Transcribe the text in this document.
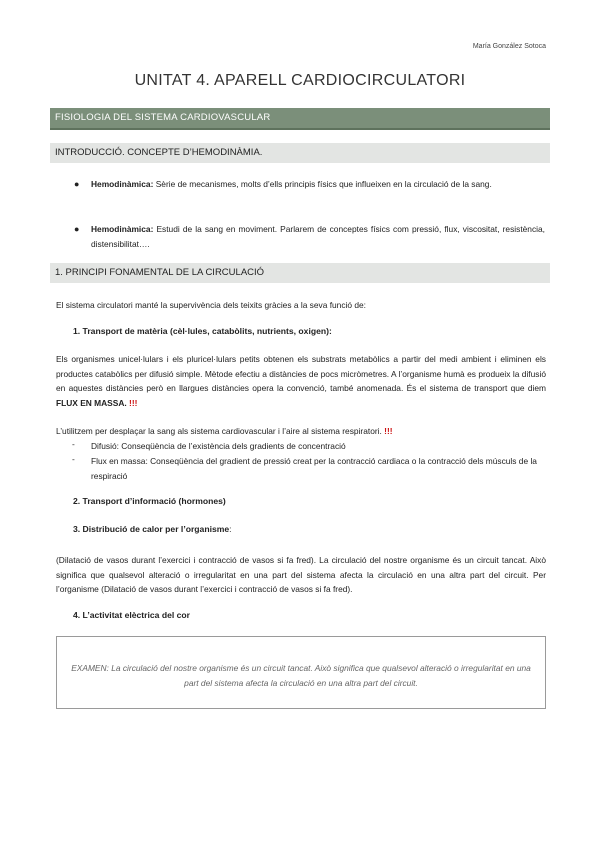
María González Sotoca
UNITAT 4. APARELL CARDIOCIRCULATORI
FISIOLOGIA DEL SISTEMA CARDIOVASCULAR
INTRODUCCIÓ. CONCEPTE D’HEMODINÀMIA.
● Hemodinàmica: Sèrie de mecanismes, molts d’ells principis físics que influeixen en la circulació de la sang.
● Hemodinàmica: Estudi de la sang en moviment. Parlarem de conceptes físics com pressió, flux, viscositat, resistència, distensibilitat….
1. PRINCIPI FONAMENTAL DE LA CIRCULACIÓ
El sistema circulatori manté la supervivència dels teixits gràcies a la seva funció de:
1. Transport de matèria (cèl·lules, catabòlits, nutrients, oxigen):
Els organismes unicel·lulars i els pluricel·lulars petits obtenen els substrats metabòlics a partir del medi ambient i eliminen els productes catabòlics per difusió simple. Mètode efectiu a distàncies de pocs micròmetres. A l’organisme humà es produeix la difusió en aquestes distàncies però en llargues distàncies opera la convenció, també anomenada. És el sistema de transport que diem FLUX EN MASSA. !!!
L’utilitzem per desplaçar la sang als sistema cardiovascular i l’aire al sistema respiratori. !!!
- Difusió: Conseqüència de l’existència dels gradients de concentració
- Flux en massa: Conseqüència del gradient de pressió creat per la contracció cardiaca o la contracció dels músculs de la respiració
2. Transport d’informació (hormones)
3. Distribució de calor per l’organisme:
(Dilatació de vasos durant l’exercici i contracció de vasos si fa fred). La circulació del nostre organisme és un circuit tancat. Això significa que qualsevol alteració o irregularitat en una part del sistema afecta la circulació en una altra part del circuit. Per l’organisme (Dilatació de vasos durant l’exercici i contracció de vasos si fa fred).
4. L’activitat elèctrica del cor
EXAMEN: La circulació del nostre organisme és un circuit tancat. Això significa que qualsevol alteració o irregularitat en una part del sistema afecta la circulació en una altra part del circuit.
